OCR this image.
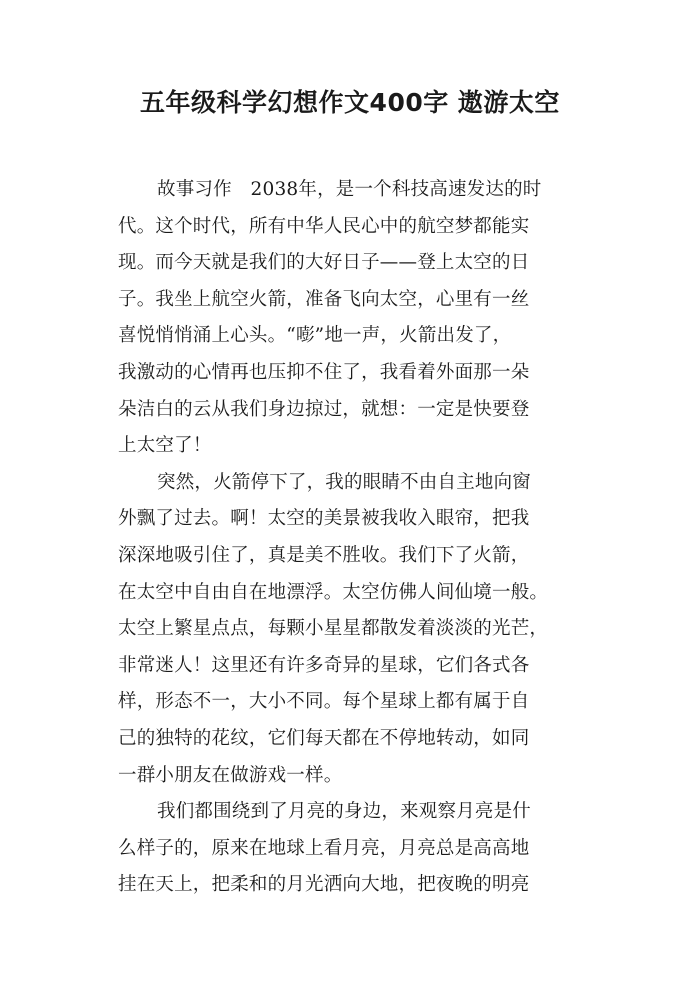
五年级科学幻想作文400字 遨游太空
故事习作　2038年，是一个科技高速发达的时
代。这个时代，所有中华人民心中的航空梦都能实
现。而今天就是我们的大好日子——登上太空的日
子。我坐上航空火箭，准备飞向太空，心里有一丝
喜悦悄悄涌上心头。“嘭”地一声，火箭出发了，
我激动的心情再也压抑不住了，我看着外面那一朵
朵洁白的云从我们身边掠过，就想：一定是快要登
上太空了！
突然，火箭停下了，我的眼睛不由自主地向窗
外飘了过去。啊！太空的美景被我收入眼帘，把我
深深地吸引住了，真是美不胜收。我们下了火箭，
在太空中自由自在地漂浮。太空仿佛人间仙境一般。
太空上繁星点点，每颗小星星都散发着淡淡的光芒，
非常迷人！这里还有许多奇异的星球，它们各式各
样，形态不一，大小不同。每个星球上都有属于自
己的独特的花纹，它们每天都在不停地转动，如同
一群小朋友在做游戏一样。
我们都围绕到了月亮的身边，来观察月亮是什
么样子的，原来在地球上看月亮，月亮总是高高地
挂在天上，把柔和的月光洒向大地，把夜晚的明亮
